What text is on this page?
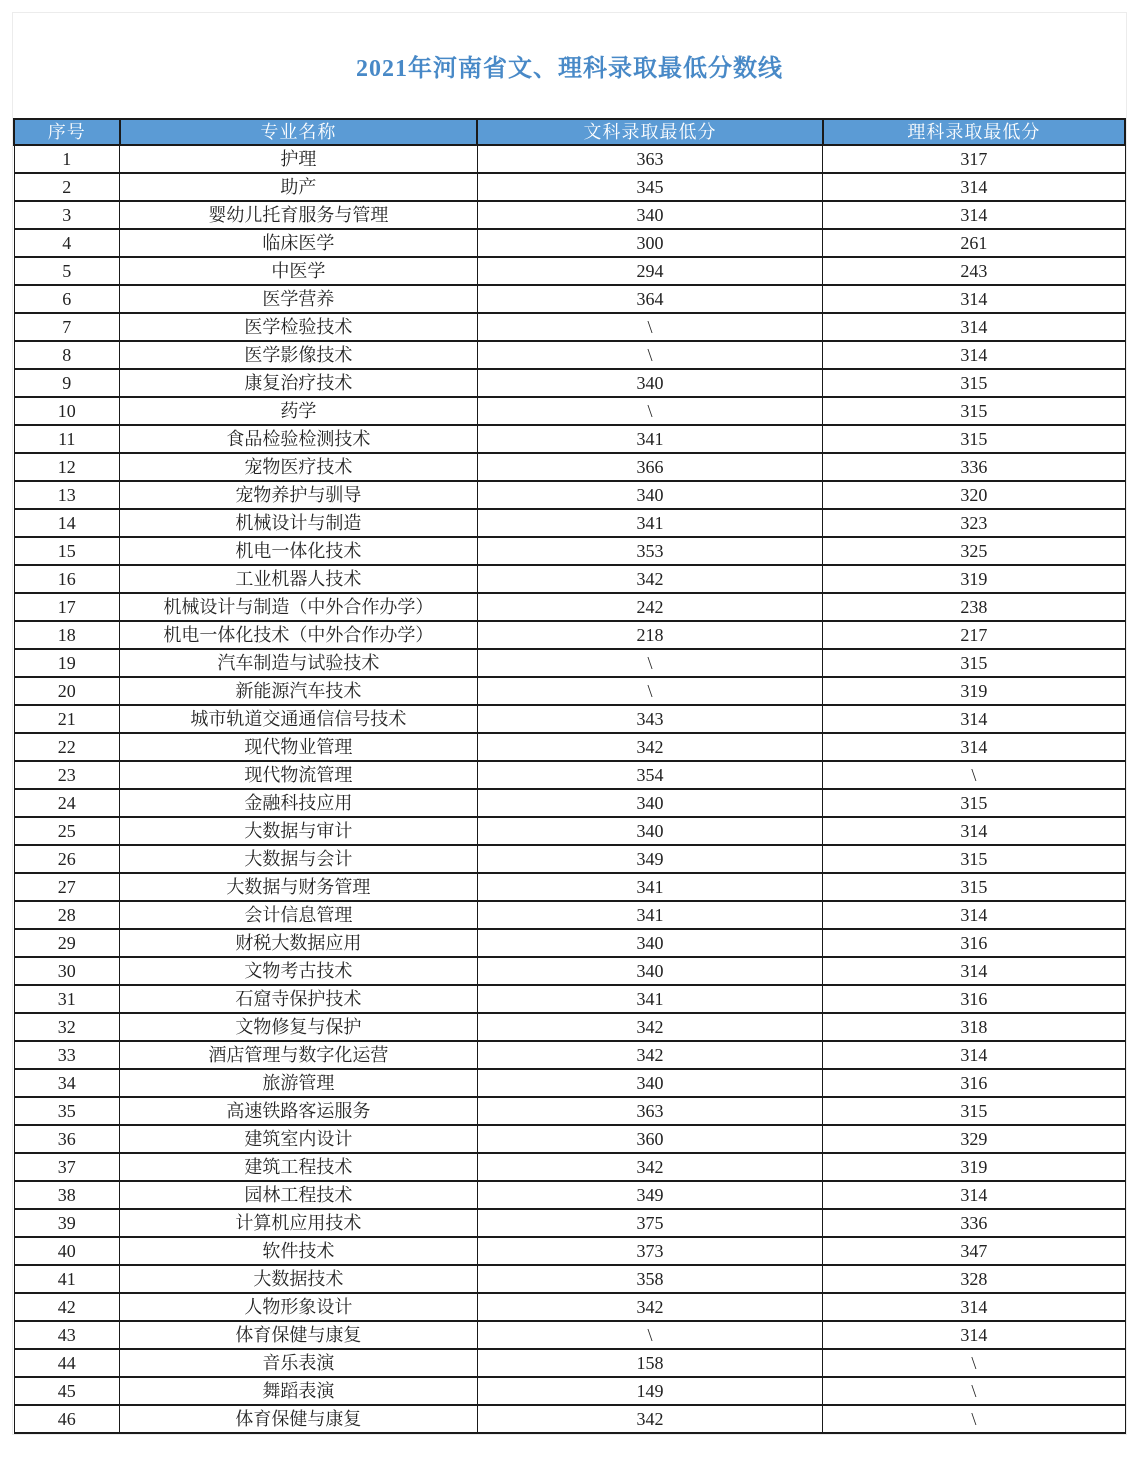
2021年河南省文、理科录取最低分数线
序号	专业名称	文科录取最低分	理科录取最低分
1	护理	363	317
2	助产	345	314
3	婴幼儿托育服务与管理	340	314
4	临床医学	300	261
5	中医学	294	243
6	医学营养	364	314
7	医学检验技术	\	314
8	医学影像技术	\	314
9	康复治疗技术	340	315
10	药学	\	315
11	食品检验检测技术	341	315
12	宠物医疗技术	366	336
13	宠物养护与驯导	340	320
14	机械设计与制造	341	323
15	机电一体化技术	353	325
16	工业机器人技术	342	319
17	机械设计与制造（中外合作办学）	242	238
18	机电一体化技术（中外合作办学）	218	217
19	汽车制造与试验技术	\	315
20	新能源汽车技术	\	319
21	城市轨道交通通信信号技术	343	314
22	现代物业管理	342	314
23	现代物流管理	354	\
24	金融科技应用	340	315
25	大数据与审计	340	314
26	大数据与会计	349	315
27	大数据与财务管理	341	315
28	会计信息管理	341	314
29	财税大数据应用	340	316
30	文物考古技术	340	314
31	石窟寺保护技术	341	316
32	文物修复与保护	342	318
33	酒店管理与数字化运营	342	314
34	旅游管理	340	316
35	高速铁路客运服务	363	315
36	建筑室内设计	360	329
37	建筑工程技术	342	319
38	园林工程技术	349	314
39	计算机应用技术	375	336
40	软件技术	373	347
41	大数据技术	358	328
42	人物形象设计	342	314
43	体育保健与康复	\	314
44	音乐表演	158	\
45	舞蹈表演	149	\
46	体育保健与康复	342	\
